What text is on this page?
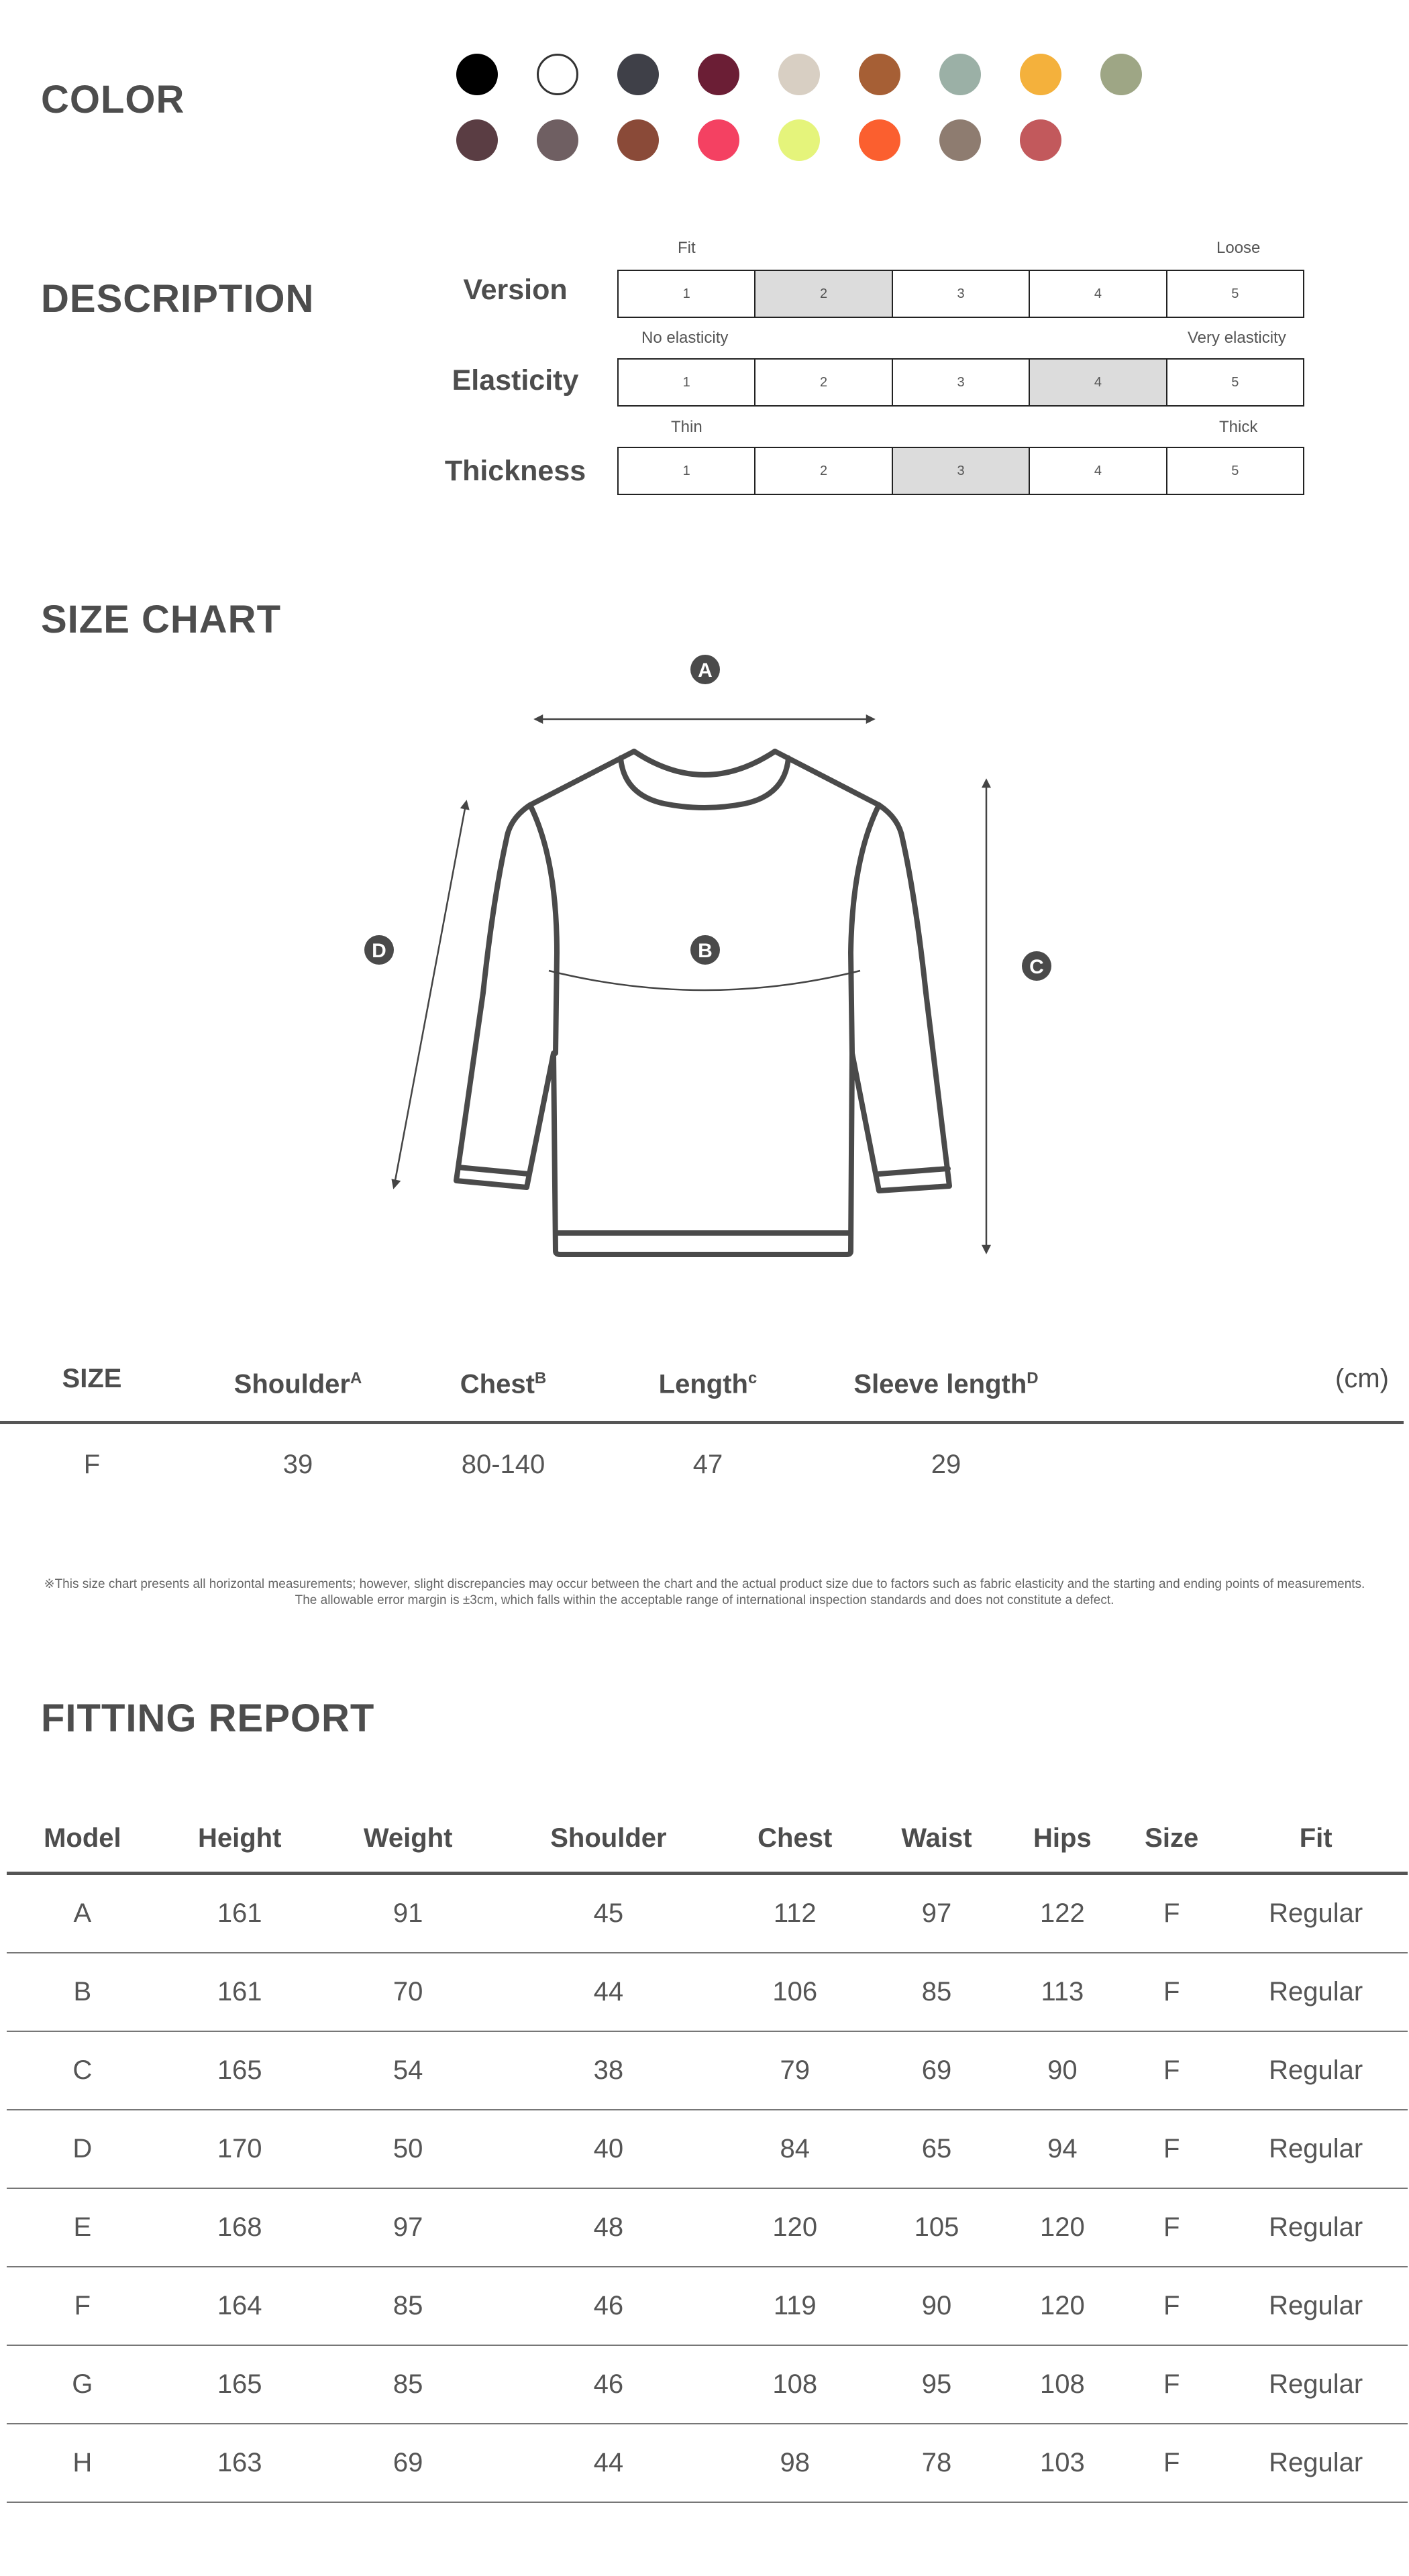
COLOR
DESCRIPTION
Fit	Loose
Version	1	2	3	4	5
No elasticity	Very elasticity
Elasticity	1	2	3	4	5
Thin	Thick
Thickness	1	2	3	4	5
SIZE CHART
A
B
C
D
SIZE	Shoulder$^A$	Chest$^B$	Length$^c$	Sleeve length$^D$	(cm)
F	39	80-140	47	29
※This size chart presents all horizontal measurements; however, slight discrepancies may occur between the chart and the actual product size due to factors such as fabric elasticity and the starting and ending points of measurements.
The allowable error margin is ±3cm, which falls within the acceptable range of international inspection standards and does not constitute a defect.
FITTING REPORT
Model	Height	Weight	Shoulder	Chest	Waist	Hips	Size	Fit
A	161	91	45	112	97	122	F	Regular
B	161	70	44	106	85	113	F	Regular
C	165	54	38	79	69	90	F	Regular
D	170	50	40	84	65	94	F	Regular
E	168	97	48	120	105	120	F	Regular
F	164	85	46	119	90	120	F	Regular
G	165	85	46	108	95	108	F	Regular
H	163	69	44	98	78	103	F	Regular
